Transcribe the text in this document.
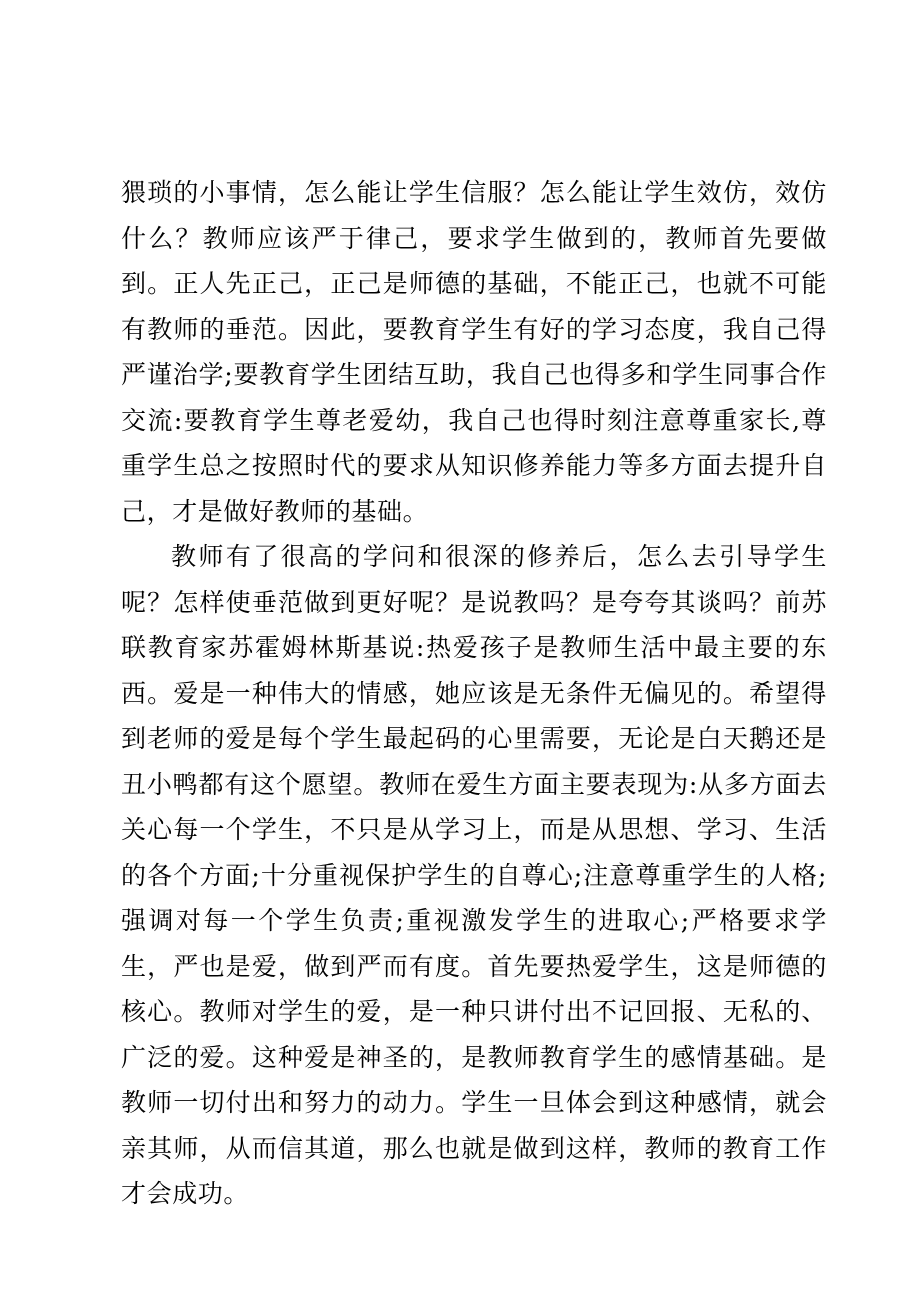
猥琐的小事情，怎么能让学生信服？怎么能让学生效仿，效仿什么？教师应该严于律己，要求学生做到的，教师首先要做到。正人先正己，正己是师德的基础，不能正己，也就不可能有教师的垂范。因此，要教育学生有好的学习态度，我自己得严谨治学;要教育学生团结互助，我自己也得多和学生同事合作交流:要教育学生尊老爱幼，我自己也得时刻注意尊重家长,尊重学生总之按照时代的要求从知识修养能力等多方面去提升自己，才是做好教师的基础。

教师有了很高的学问和很深的修养后，怎么去引导学生呢？怎样使垂范做到更好呢？是说教吗？是夸夸其谈吗？前苏联教育家苏霍姆林斯基说:热爱孩子是教师生活中最主要的东西。爱是一种伟大的情感，她应该是无条件无偏见的。希望得到老师的爱是每个学生最起码的心里需要，无论是白天鹅还是丑小鸭都有这个愿望。教师在爱生方面主要表现为:从多方面去关心每一个学生，不只是从学习上，而是从思想、学习、生活的各个方面;十分重视保护学生的自尊心;注意尊重学生的人格;强调对每一个学生负责;重视激发学生的进取心;严格要求学生，严也是爱，做到严而有度。首先要热爱学生，这是师德的核心。教师对学生的爱，是一种只讲付出不记回报、无私的、广泛的爱。这种爱是神圣的，是教师教育学生的感情基础。是教师一切付出和努力的动力。学生一旦体会到这种感情，就会亲其师，从而信其道，那么也就是做到这样，教师的教育工作才会成功。
